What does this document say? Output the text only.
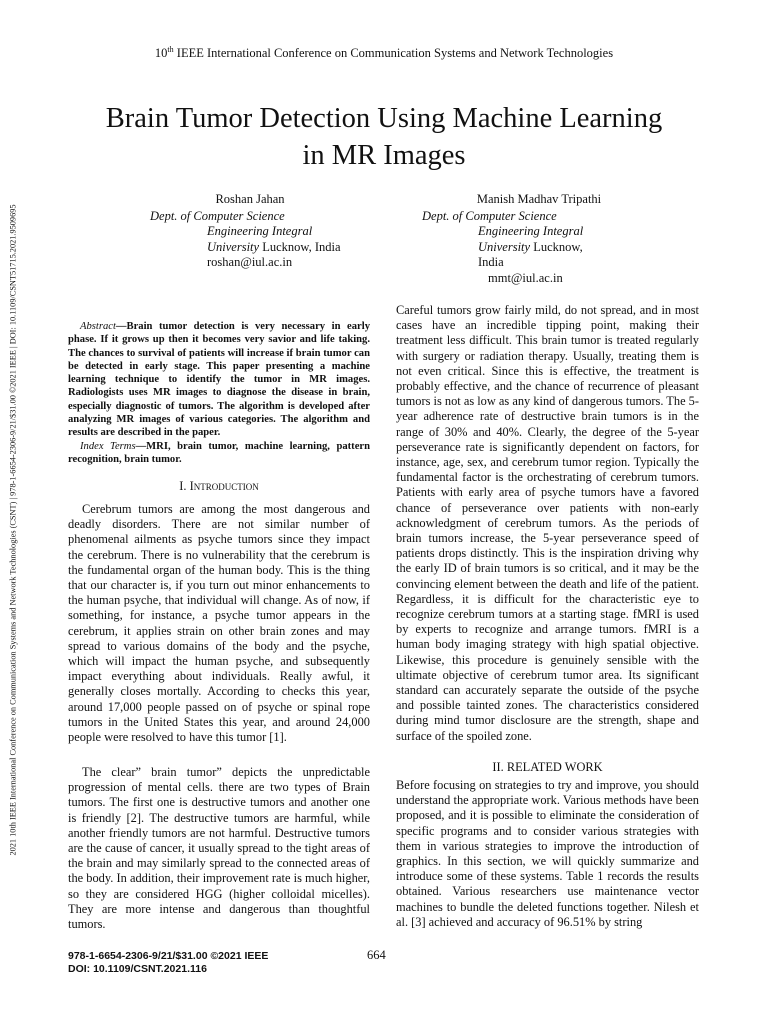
2021 10th IEEE International Conference on Communication Systems and Network Technologies (CSNT) | 978-1-6654-2306-9/21/$31.00 ©2021 IEEE | DOI: 10.1109/CSNT51715.2021.9509695
10th IEEE International Conference on Communication Systems and Network Technologies
Brain Tumor Detection Using Machine Learning
in MR Images
Roshan Jahan
Dept. of Computer Science
Engineering Integral
University Lucknow, India
roshan@iul.ac.in
Manish Madhav Tripathi
Dept. of Computer Science
Engineering Integral
University Lucknow,
India
mmt@iul.ac.in

Abstract—Brain tumor detection is very necessary in early phase. If it grows up then it becomes very savior and life taking. The chances to survival of patients will increase if brain tumor can be detected in early stage. This paper presenting a machine learning technique to identify the tumor in MR images. Radiologists uses MR images to diagnose the disease in brain, especially diagnostic of tumors. The algorithm is developed after analyzing MR images of various categories. The algorithm and results are described in the paper.

Index Terms—MRI, brain tumor, machine learning, pattern recognition, brain tumor.

I. Introduction

Cerebrum tumors are among the most dangerous and deadly disorders. There are not similar number of phenomenal ailments as psyche tumors since they impact the cerebrum. There is no vulnerability that the cerebrum is the fundamental organ of the human body. This is the thing that our character is, if you turn out minor enhancements to the human psyche, that individual will change. As of now, if something, for instance, a psyche tumor appears in the cerebrum, it applies strain on other brain zones and may spread to various domains of the body and the psyche, which will impact the human psyche, and subsequently impact everything about individuals. Really awful, it generally closes mortally. According to checks this year, around 17,000 people passed on of psyche or spinal rope tumors in the United States this year, and around 24,000 people were resolved to have this tumor [1].

The clear” brain tumor” depicts the unpredictable progression of mental cells. there are two types of Brain tumors. The first one is destructive tumors and another one is friendly [2]. The destructive tumors are harmful, while another friendly tumors are not harmful. Destructive tumors are the cause of cancer, it usually spread to the tight areas of the brain and may similarly spread to the connected areas of the body. In addition, their improvement rate is much higher, so they are considered HGG (higher colloidal micelles). They are more intense and dangerous than thoughtful tumors.

Careful tumors grow fairly mild, do not spread, and in most cases have an incredible tipping point, making their treatment less difficult. This brain tumor is treated regularly with surgery or radiation therapy. Usually, treating them is not even critical. Since this is effective, the treatment is probably effective, and the chance of recurrence of pleasant tumors is not as low as any kind of dangerous tumors. The 5-year adherence rate of destructive brain tumors is in the range of 30% and 40%. Clearly, the degree of the 5-year perseverance rate is significantly dependent on factors, for instance, age, sex, and cerebrum tumor region. Typically the fundamental factor is the orchestrating of cerebrum tumors. Patients with early area of psyche tumors have a favored chance of perseverance over patients with non-early acknowledgment of cerebrum tumors. As the periods of brain tumors increase, the 5-year perseverance speed of patients drops distinctly. This is the inspiration driving why the early ID of brain tumors is so critical, and it may be the convincing element between the death and life of the patient. Regardless, it is difficult for the characteristic eye to recognize cerebrum tumors at a starting stage. fMRI is used by experts to recognize and arrange tumors. fMRI is a human body imaging strategy with high spatial objective. Likewise, this procedure is genuinely sensible with the ultimate objective of cerebrum tumor area. Its significant standard can accurately separate the outside of the psyche and possible tainted zones. The characteristics considered during mind tumor disclosure are the strength, shape and surface of the spoiled zone.

II. RELATED WORK

Before focusing on strategies to try and improve, you should understand the appropriate work. Various methods have been proposed, and it is possible to eliminate the consideration of specific programs and to consider various strategies with them in various strategies to improve the introduction of graphics. In this section, we will quickly summarize and introduce some of these systems. Table 1 records the results obtained. Various researchers use maintenance vector machines to bundle the deleted functions together. Nilesh et al. [3] achieved and accuracy of 96.51% by string

978-1-6654-2306-9/21/$31.00 ©2021 IEEE
DOI: 10.1109/CSNT.2021.116
664
